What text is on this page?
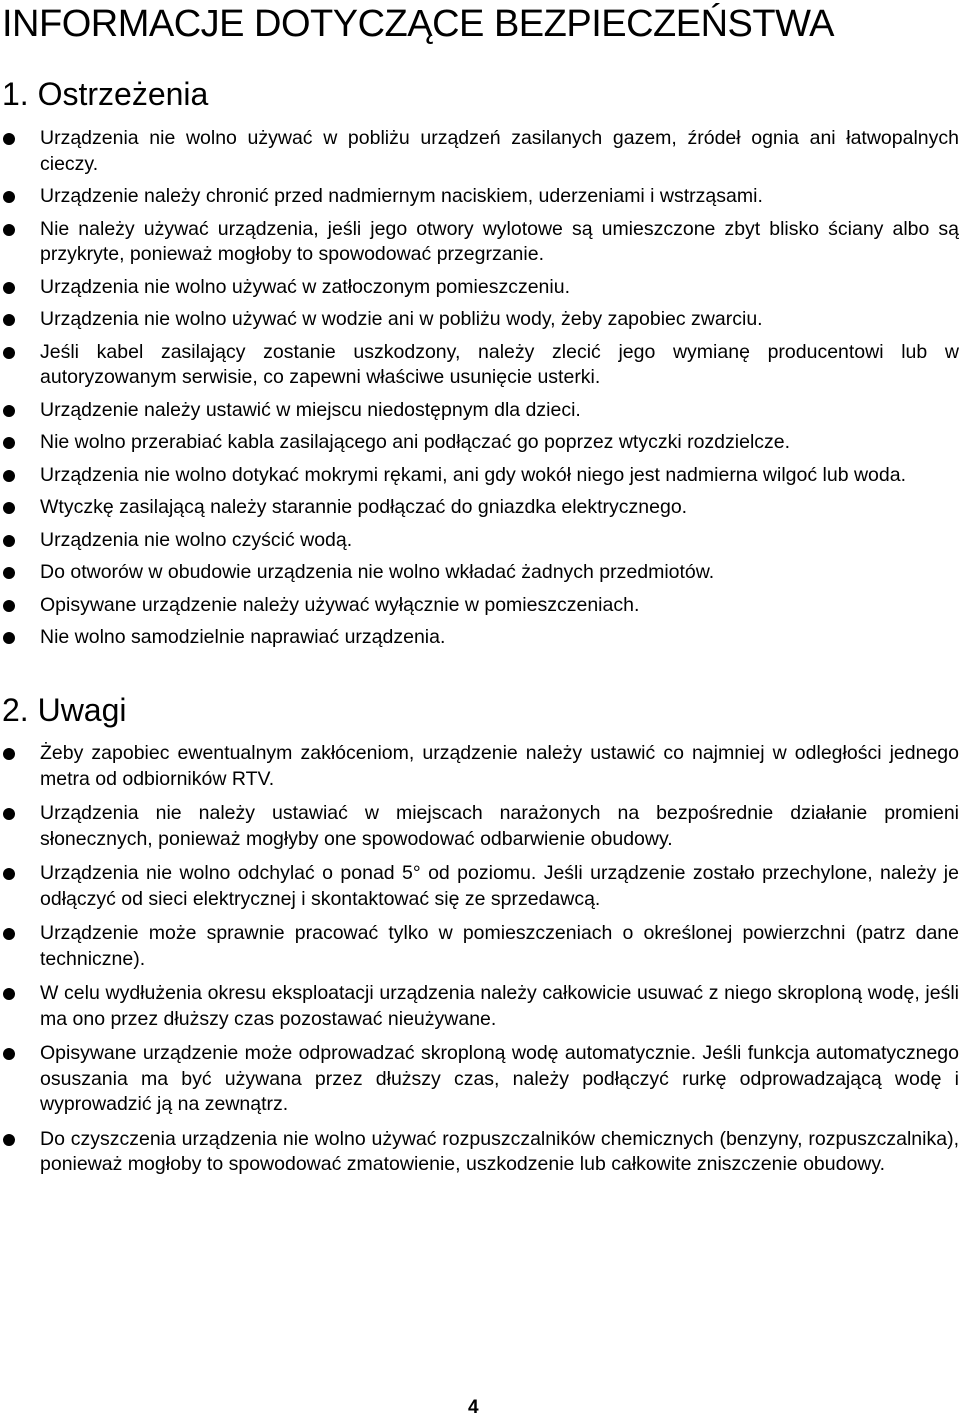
INFORMACJE DOTYCZĄCE BEZPIECZEŃSTWA
1. Ostrzeżenia
Urządzenia nie wolno używać w pobliżu urządzeń zasilanych gazem, źródeł ognia ani łatwopalnych cieczy.
Urządzenie należy chronić przed nadmiernym naciskiem, uderzeniami i wstrząsami.
Nie należy używać urządzenia, jeśli jego otwory wylotowe są umieszczone zbyt blisko ściany albo są przykryte, ponieważ mogłoby to spowodować przegrzanie.
Urządzenia nie wolno używać w zatłoczonym pomieszczeniu.
Urządzenia nie wolno używać w wodzie ani w pobliżu wody, żeby zapobiec zwarciu.
Jeśli kabel zasilający zostanie uszkodzony, należy zlecić jego wymianę producentowi lub w autoryzowanym serwisie, co zapewni właściwe usunięcie usterki.
Urządzenie należy ustawić w miejscu niedostępnym dla dzieci.
Nie wolno przerabiać kabla zasilającego ani podłączać go poprzez wtyczki rozdzielcze.
Urządzenia nie wolno dotykać mokrymi rękami, ani gdy wokół niego jest nadmierna wilgoć lub woda.
Wtyczkę zasilającą należy starannie podłączać do gniazdka elektrycznego.
Urządzenia nie wolno czyścić wodą.
Do otworów w obudowie urządzenia nie wolno wkładać żadnych przedmiotów.
Opisywane urządzenie należy używać wyłącznie w pomieszczeniach.
Nie wolno samodzielnie naprawiać urządzenia.
2. Uwagi
Żeby zapobiec ewentualnym zakłóceniom, urządzenie należy ustawić co najmniej w odległości jednego metra od odbiorników RTV.
Urządzenia nie należy ustawiać w miejscach narażonych na bezpośrednie działanie promieni słonecznych, ponieważ mogłyby one spowodować odbarwienie obudowy.
Urządzenia nie wolno odchylać o ponad 5° od poziomu. Jeśli urządzenie zostało przechylone, należy je odłączyć od sieci elektrycznej i skontaktować się ze sprzedawcą.
Urządzenie może sprawnie pracować tylko w pomieszczeniach o określonej powierzchni (patrz dane techniczne).
W celu wydłużenia okresu eksploatacji urządzenia należy całkowicie usuwać z niego skroploną wodę, jeśli ma ono przez dłuższy czas pozostawać nieużywane.
Opisywane urządzenie może odprowadzać skroploną wodę automatycznie. Jeśli funkcja automatycznego osuszania ma być używana przez dłuższy czas, należy podłączyć rurkę odprowadzającą wodę i wyprowadzić ją na zewnątrz.
Do czyszczenia urządzenia nie wolno używać rozpuszczalników chemicznych (benzyny, rozpuszczalnika), ponieważ mogłoby to spowodować zmatowienie, uszkodzenie lub całkowite zniszczenie obudowy.
4
